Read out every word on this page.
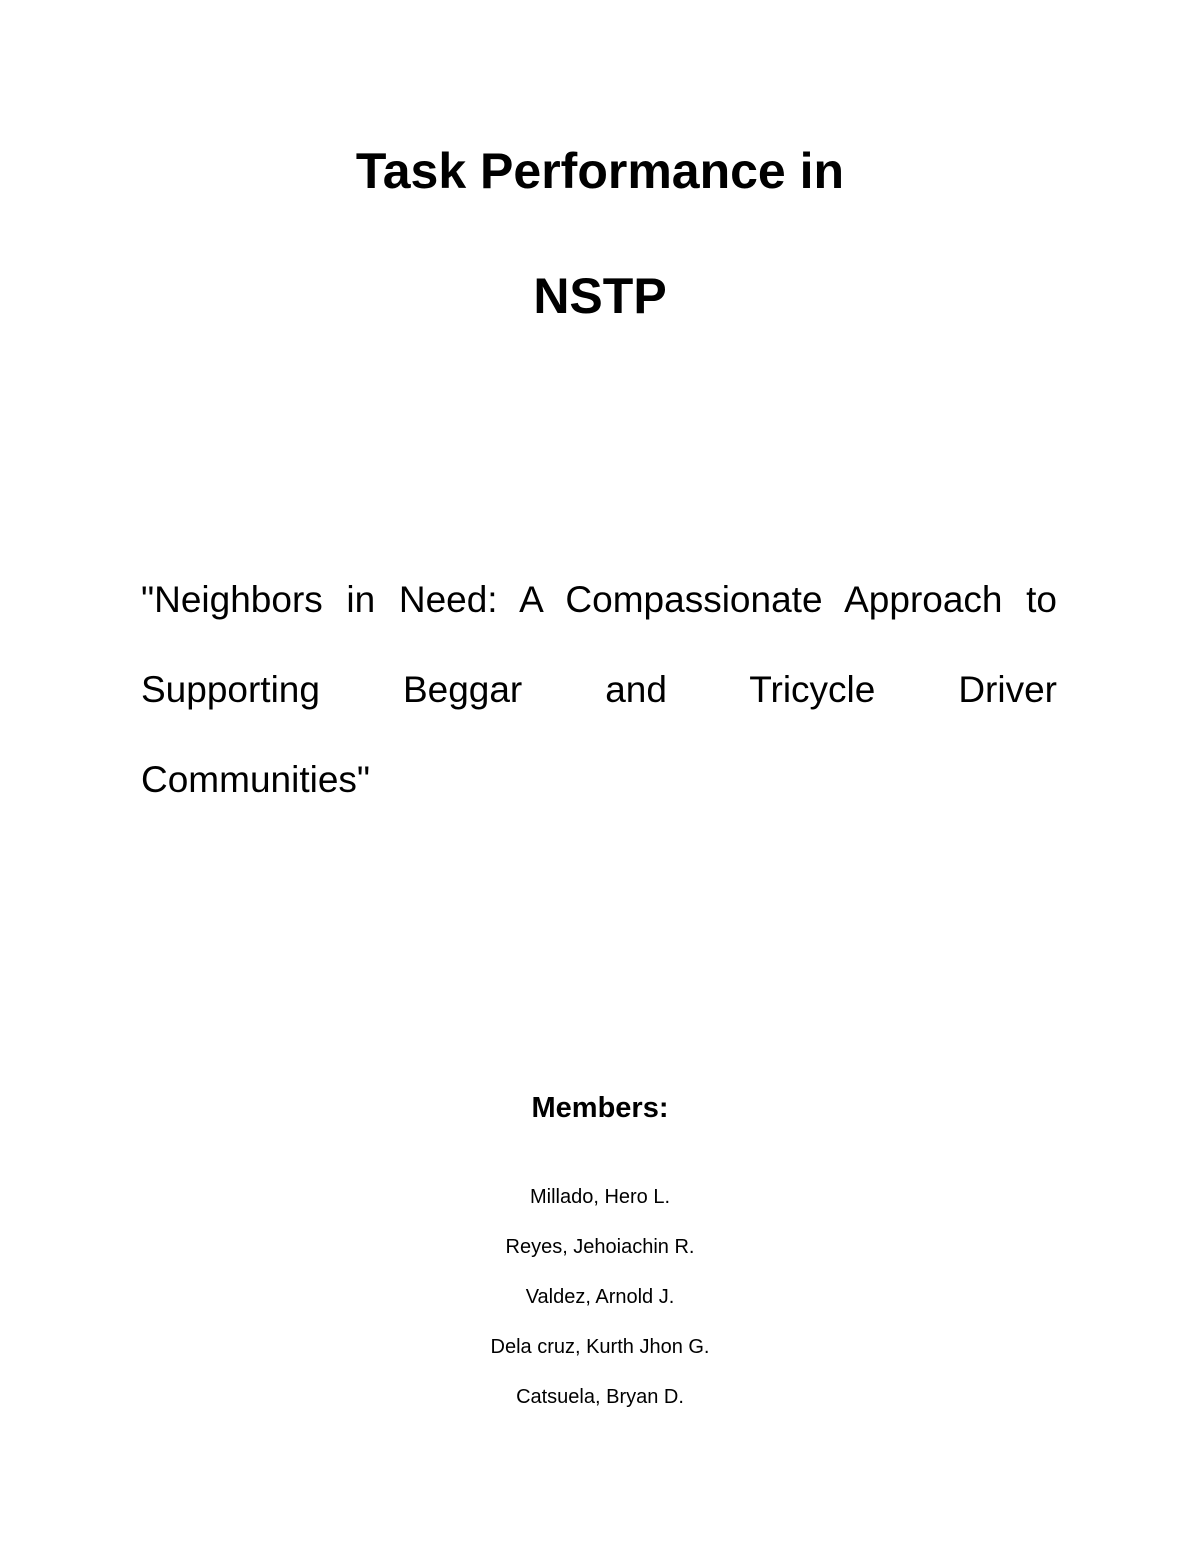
Task Performance in
NSTP

"Neighbors in Need: A Compassionate Approach to
Supporting Beggar and Tricycle Driver
Communities"

Members:
Millado, Hero L.
Reyes, Jehoiachin R.
Valdez, Arnold J.
Dela cruz, Kurth Jhon G.
Catsuela, Bryan D.
